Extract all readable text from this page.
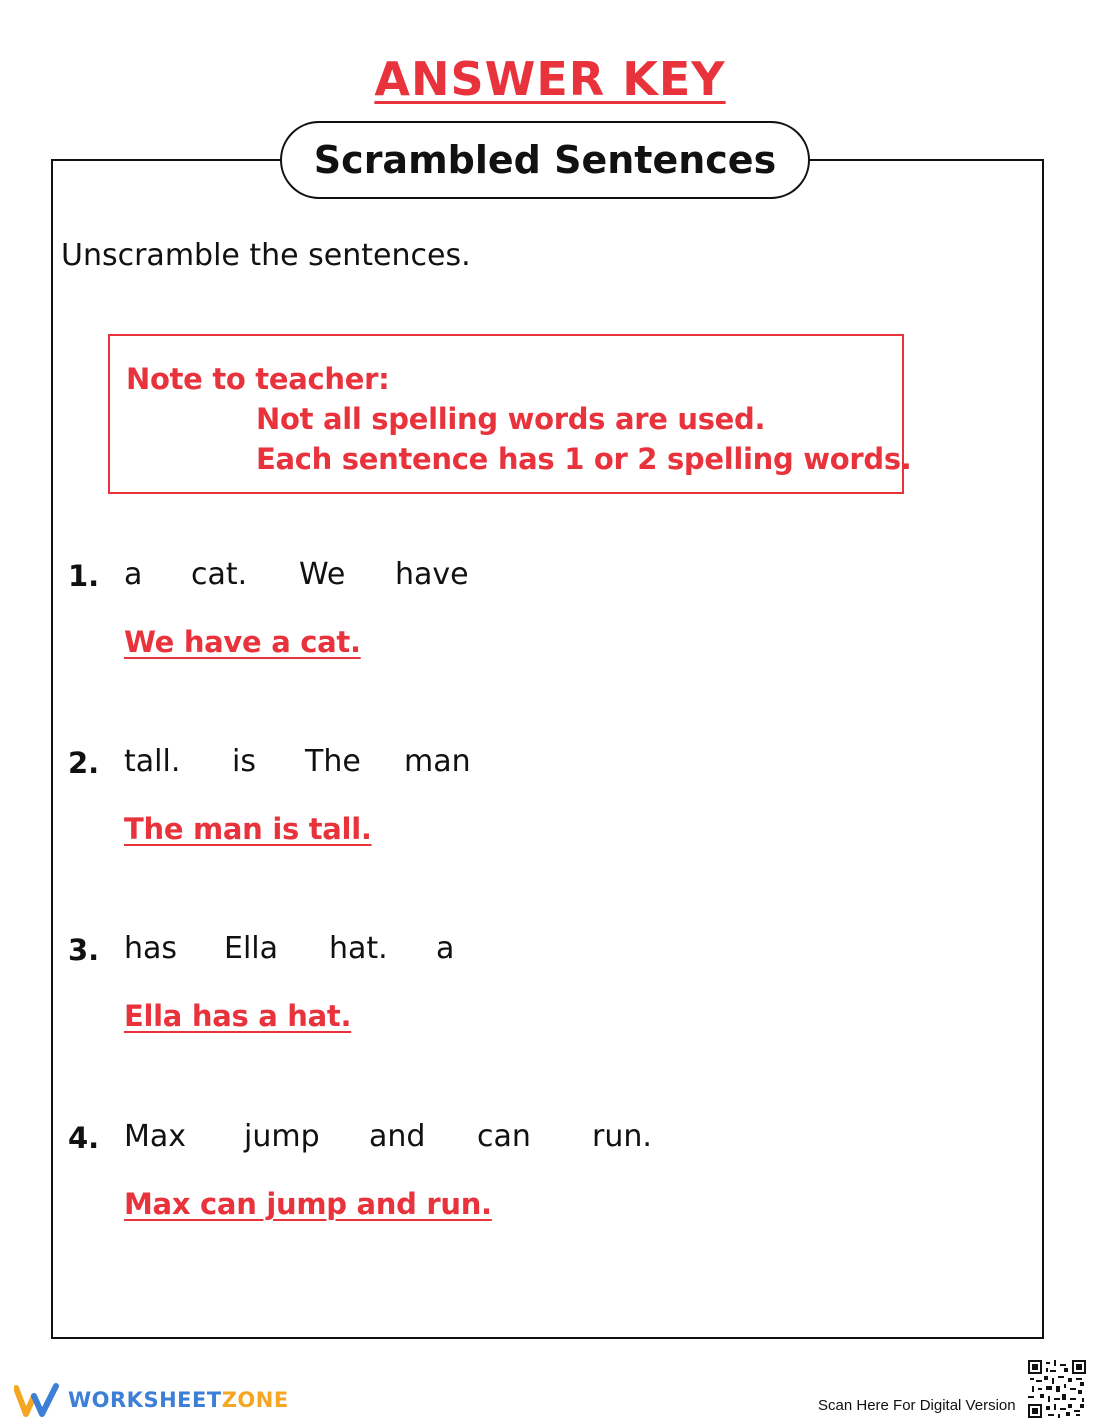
ANSWER KEY
Scrambled Sentences
Unscramble the sentences.
Note to teacher:
Not all spelling words are used.
Each sentence has 1 or 2 spelling words.
1. a cat. We have
We have a cat.
2. tall. is The man
The man is tall.
3. has Ella hat. a
Ella has a hat.
4. Max jump and can run.
Max can jump and run.
WORKSHEETZONE	Scan Here For Digital Version
